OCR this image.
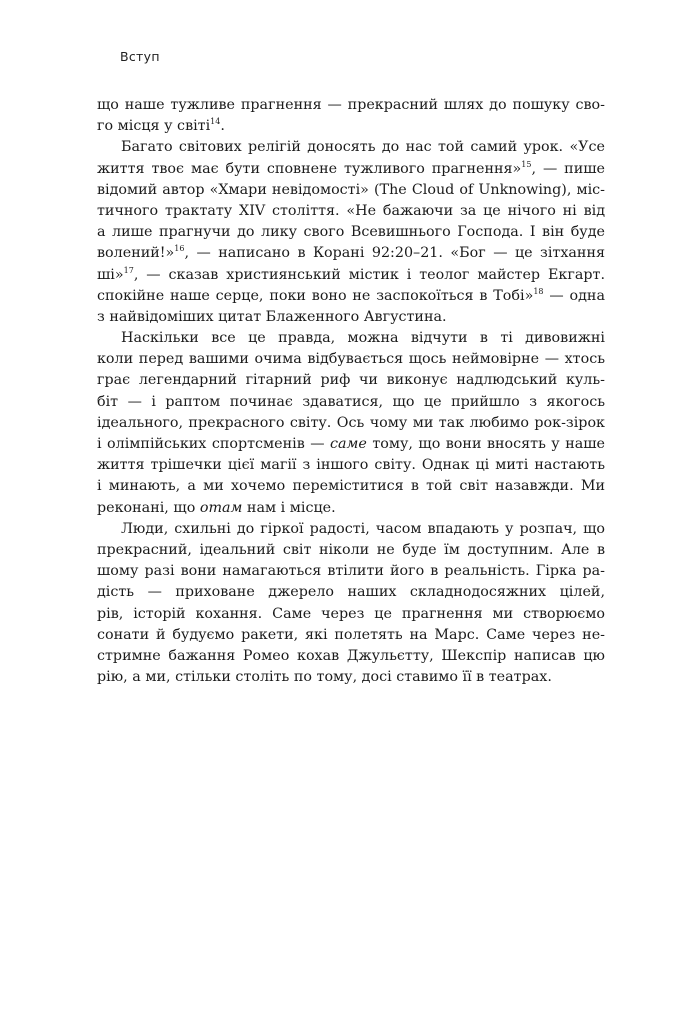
Вступ
що наше тужливе прагнення — прекрасний шлях до пошуку сво-
го місця у світі$^{14}$.
Багато світових релігій доносять до нас той самий урок. «Усе
життя твоє має бути сповнене тужливого прагнення»$^{15}$, — пише
відомий автор «Хмари невідомості» (The Cloud of Unknowing), міс-
тичного трактату XIV століття. «Не бажаючи за це нічого ні від
а лише прагнучи до лику свого Всевишнього Господа. І він буде
волений!»$^{16}$, — написано в Корані 92:20–21. «Бог — це зітхання
ші»$^{17}$, — сказав християнський містик і теолог майстер Екгарт.
спокійне наше серце, поки воно не заспокоїться в Тобі»$^{18}$ — одна
з найвідоміших цитат Блаженного Августина.
Наскільки все це правда, можна відчути в ті дивовижні
коли перед вашими очима відбувається щось неймовірне — хтось
грає легендарний гітарний риф чи виконує надлюдський куль-
біт — і раптом починає здаватися, що це прийшло з якогось
ідеального, прекрасного світу. Ось чому ми так любимо рок-зірок
і олімпійських спортсменів — саме тому, що вони вносять у наше
життя трішечки цієї магії з іншого світу. Однак ці миті настають
і минають, а ми хочемо переміститися в той світ назавжди. Ми
реконані, що отам нам і місце.
Люди, схильні до гіркої радості, часом впадають у розпач, що
прекрасний, ідеальний світ ніколи не буде їм доступним. Але в
шому разі вони намагаються втілити його в реальність. Гірка ра-
дість — приховане джерело наших складнодосяжних цілей,
рів, історій кохання. Саме через це прагнення ми створюємо
сонати й будуємо ракети, які полетять на Марс. Саме через не-
стримне бажання Ромео кохав Джульєтту, Шекспір написав цю
рію, а ми, стільки століть по тому, досі ставимо її в театрах.
